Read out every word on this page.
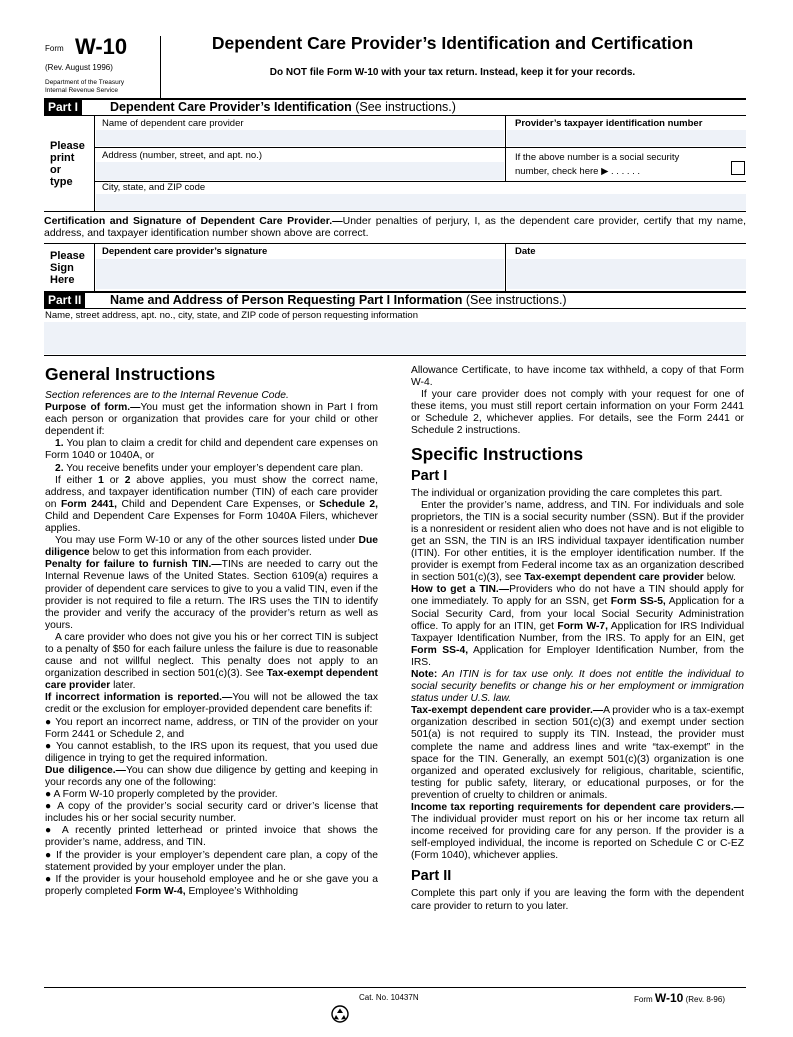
Form W-10
(Rev. August 1996)
Department of the Treasury
Internal Revenue Service
Dependent Care Provider’s Identification and Certification
Do NOT file Form W-10 with your tax return. Instead, keep it for your records.
Part I	Dependent Care Provider’s Identification (See instructions.)
Please
print
or
type
Name of dependent care provider	Provider’s taxpayer identification number
Address (number, street, and apt. no.)	If the above number is a social security
number, check here ▶ . . . . . .
City, state, and ZIP code
Certification and Signature of Dependent Care Provider.—Under penalties of perjury, I, as the dependent care provider, certify that my name, address, and taxpayer identification number shown above are correct.
Please
Sign
Here
Dependent care provider’s signature	Date
Part II	Name and Address of Person Requesting Part I Information (See instructions.)
Name, street address, apt. no., city, state, and ZIP code of person requesting information
General Instructions

Section references are to the Internal Revenue Code.

Purpose of form.—You must get the information shown in Part I from each person or organization that provides care for your child or other dependent if:

1. You plan to claim a credit for child and dependent care expenses on Form 1040 or 1040A, or

2. You receive benefits under your employer’s dependent care plan.

If either 1 or 2 above applies, you must show the correct name, address, and taxpayer identification number (TIN) of each care provider on Form 2441, Child and Dependent Care Expenses, or Schedule 2, Child and Dependent Care Expenses for Form 1040A Filers, whichever applies.

You may use Form W-10 or any of the other sources listed under Due diligence below to get this information from each provider.

Penalty for failure to furnish TIN.—TINs are needed to carry out the Internal Revenue laws of the United States. Section 6109(a) requires a provider of dependent care services to give to you a valid TIN, even if the provider is not required to file a return. The IRS uses the TIN to identify the provider and verify the accuracy of the provider’s return as well as yours.

A care provider who does not give you his or her correct TIN is subject to a penalty of $50 for each failure unless the failure is due to reasonable cause and not willful neglect. This penalty does not apply to an organization described in section 501(c)(3). See Tax-exempt dependent care provider later.

If incorrect information is reported.—You will not be allowed the tax credit or the exclusion for employer-provided dependent care benefits if:

● You report an incorrect name, address, or TIN of the provider on your Form 2441 or Schedule 2, and

● You cannot establish, to the IRS upon its request, that you used due diligence in trying to get the required information.

Due diligence.—You can show due diligence by getting and keeping in your records any one of the following:

● A Form W-10 properly completed by the provider.

● A copy of the provider’s social security card or driver’s license that includes his or her social security number.

● A recently printed letterhead or printed invoice that shows the provider’s name, address, and TIN.

● If the provider is your employer’s dependent care plan, a copy of the statement provided by your employer under the plan.

● If the provider is your household employee and he or she gave you a properly completed Form W-4, Employee’s Withholding

Allowance Certificate, to have income tax withheld, a copy of that Form W-4.

If your care provider does not comply with your request for one of these items, you must still report certain information on your Form 2441 or Schedule 2, whichever applies. For details, see the Form 2441 or Schedule 2 instructions.

Specific Instructions
Part I

The individual or organization providing the care completes this part.

Enter the provider’s name, address, and TIN. For individuals and sole proprietors, the TIN is a social security number (SSN). But if the provider is a nonresident or resident alien who does not have and is not eligible to get an SSN, the TIN is an IRS individual taxpayer identification number (ITIN). For other entities, it is the employer identification number. If the provider is exempt from Federal income tax as an organization described in section 501(c)(3), see Tax-exempt dependent care provider below.

How to get a TIN.—Providers who do not have a TIN should apply for one immediately. To apply for an SSN, get Form SS-5, Application for a Social Security Card, from your local Social Security Administration office. To apply for an ITIN, get Form W-7, Application for IRS Individual Taxpayer Identification Number, from the IRS. To apply for an EIN, get Form SS-4, Application for Employer Identification Number, from the IRS.

Note: An ITIN is for tax use only. It does not entitle the individual to social security benefits or change his or her employment or immigration status under U.S. law.

Tax-exempt dependent care provider.—A provider who is a tax-exempt organization described in section 501(c)(3) and exempt under section 501(a) is not required to supply its TIN. Instead, the provider must complete the name and address lines and write “tax-exempt” in the space for the TIN. Generally, an exempt 501(c)(3) organization is one organized and operated exclusively for religious, charitable, scientific, testing for public safety, literary, or educational purposes, or for the prevention of cruelty to children or animals.

Income tax reporting requirements for dependent care providers.—The individual provider must report on his or her income tax return all income received for providing care for any person. If the provider is a self-employed individual, the income is reported on Schedule C or C-EZ (Form 1040), whichever applies.

Part II

Complete this part only if you are leaving the form with the dependent care provider to return to you later.

Cat. No. 10437N	Form W-10 (Rev. 8-96)
